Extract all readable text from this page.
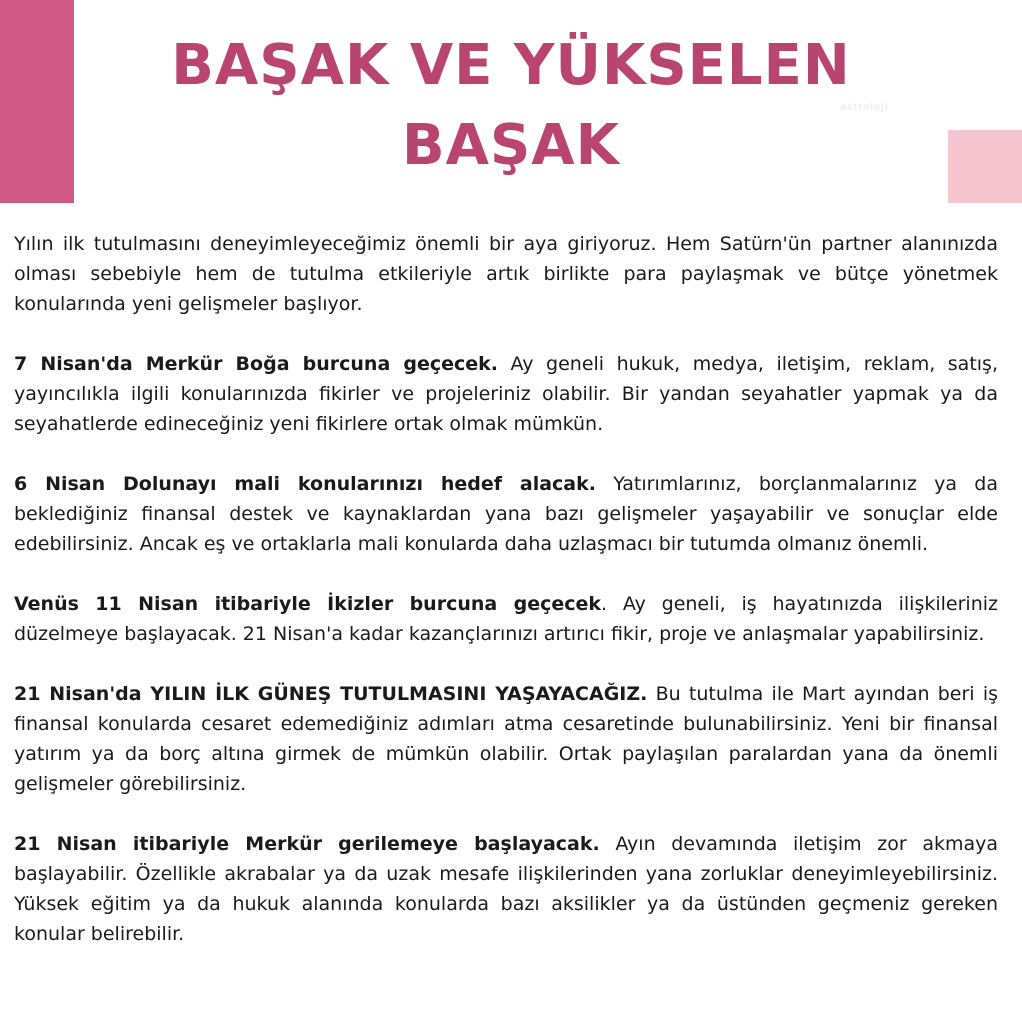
BAŞAK VE YÜKSELEN
BAŞAK
astroloji

Yılın ilk tutulmasını deneyimleyeceğimiz önemli bir aya giriyoruz. Hem Satürn'ün partner alanınızda olması sebebiyle hem de tutulma etkileriyle artık birlikte para paylaşmak ve bütçe yönetmek konularında yeni gelişmeler başlıyor.

7 Nisan'da Merkür Boğa burcuna geçecek. Ay geneli hukuk, medya, iletişim, reklam, satış, yayıncılıkla ilgili konularınızda fikirler ve projeleriniz olabilir. Bir yandan seyahatler yapmak ya da seyahatlerde edineceğiniz yeni fikirlere ortak olmak mümkün.

6 Nisan Dolunayı mali konularınızı hedef alacak. Yatırımlarınız, borçlanmalarınız ya da beklediğiniz finansal destek ve kaynaklardan yana bazı gelişmeler yaşayabilir ve sonuçlar elde edebilirsiniz. Ancak eş ve ortaklarla mali konularda daha uzlaşmacı bir tutumda olmanız önemli.

Venüs 11 Nisan itibariyle İkizler burcuna geçecek. Ay geneli, iş hayatınızda ilişkileriniz düzelmeye başlayacak. 21 Nisan'a kadar kazançlarınızı artırıcı fikir, proje ve anlaşmalar yapabilirsiniz.

21 Nisan'da YILIN İLK GÜNEŞ TUTULMASINI YAŞAYACAĞIZ. Bu tutulma ile Mart ayından beri iş finansal konularda cesaret edemediğiniz adımları atma cesaretinde bulunabilirsiniz. Yeni bir finansal yatırım ya da borç altına girmek de mümkün olabilir. Ortak paylaşılan paralardan yana da önemli gelişmeler görebilirsiniz.

21 Nisan itibariyle Merkür gerilemeye başlayacak. Ayın devamında iletişim zor akmaya başlayabilir. Özellikle akrabalar ya da uzak mesafe ilişkilerinden yana zorluklar deneyimleyebilirsiniz. Yüksek eğitim ya da hukuk alanında konularda bazı aksilikler ya da üstünden geçmeniz gereken konular belirebilir.
